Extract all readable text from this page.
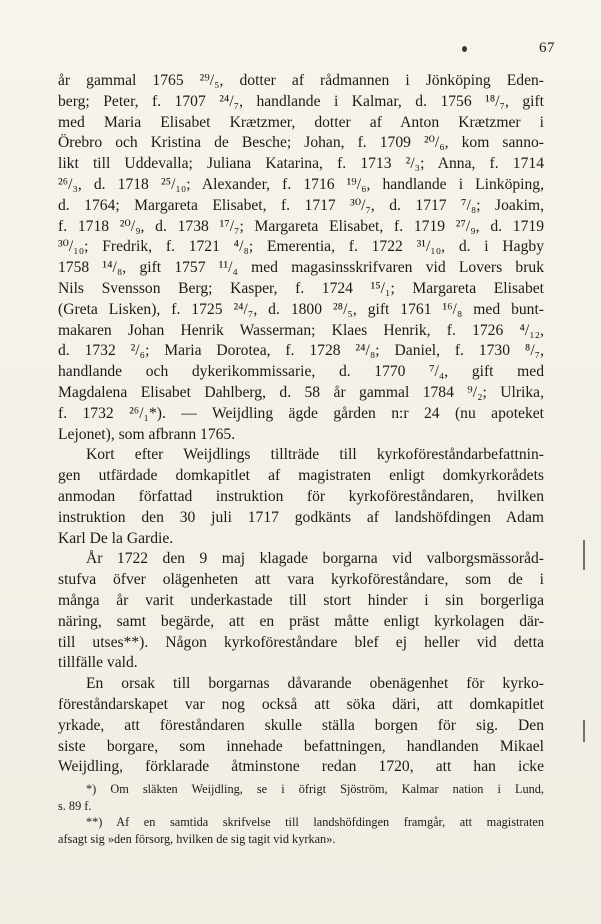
67
år gammal 1765 ²⁹/₅, dotter af rådmannen i Jönköping Eden-
berg; Peter, f. 1707 ²⁴/₇, handlande i Kalmar, d. 1756 ¹⁸/₇, gift
med Maria Elisabet Krætzmer, dotter af Anton Krætzmer i
Örebro och Kristina de Besche; Johan, f. 1709 ²⁰/₆, kom sanno-
likt till Uddevalla; Juliana Katarina, f. 1713 ²/₃; Anna, f. 1714
²⁶/₃, d. 1718 ²⁵/₁₀; Alexander, f. 1716 ¹⁹/₆, handlande i Linköping,
d. 1764; Margareta Elisabet, f. 1717 ³⁰/₇, d. 1717 ⁷/₈; Joakim,
f. 1718 ²⁰/₉, d. 1738 ¹⁷/₇; Margareta Elisabet, f. 1719 ²⁷/₉, d. 1719
³⁰/₁₀; Fredrik, f. 1721 ⁴/₈; Emerentia, f. 1722 ³¹/₁₀, d. i Hagby
1758 ¹⁴/₈, gift 1757 ¹¹/₄ med magasinsskrifvaren vid Lovers bruk
Nils Svensson Berg; Kasper, f. 1724 ¹⁵/₁; Margareta Elisabet
(Greta Lisken), f. 1725 ²⁴/₇, d. 1800 ²⁸/₅, gift 1761 ¹⁶/₈ med bunt-
makaren Johan Henrik Wasserman; Klaes Henrik, f. 1726 ⁴/₁₂,
d. 1732 ²/₆; Maria Dorotea, f. 1728 ²⁴/₈; Daniel, f. 1730 ⁸/₇,
handlande och dykerikommissarie, d. 1770 ⁷/₄, gift med
Magdalena Elisabet Dahlberg, d. 58 år gammal 1784 ⁹/₂; Ulrika,
f. 1732 ²⁶/₁*). — Weijdling ägde gården n:r 24 (nu apoteket
Lejonet), som afbrann 1765.
Kort efter Weijdlings tillträde till kyrkoföreståndarbefattnin-
gen utfärdade domkapitlet af magistraten enligt domkyrkorådets
anmodan författad instruktion för kyrkoföreståndaren, hvilken
instruktion den 30 juli 1717 godkänts af landshöfdingen Adam
Karl De la Gardie.
År 1722 den 9 maj klagade borgarna vid valborgsmässoråd-
stufva öfver olägenheten att vara kyrkoföreståndare, som de i
många år varit underkastade till stort hinder i sin borgerliga
näring, samt begärde, att en präst måtte enligt kyrkolagen där-
till utses**). Någon kyrkoföreståndare blef ej heller vid detta
tillfälle vald.
En orsak till borgarnas dåvarande obenägenhet för kyrko-
föreståndarskapet var nog också att söka däri, att domkapitlet
yrkade, att föreståndaren skulle ställa borgen för sig. Den
siste borgare, som innehade befattningen, handlanden Mikael
Weijdling, förklarade åtminstone redan 1720, att han icke
*) Om släkten Weijdling, se i öfrigt Sjöström, Kalmar nation i Lund,
s. 89 f.
**) Af en samtida skrifvelse till landshöfdingen framgår, att magistraten
afsagt sig »den försorg, hvilken de sig tagit vid kyrkan».
